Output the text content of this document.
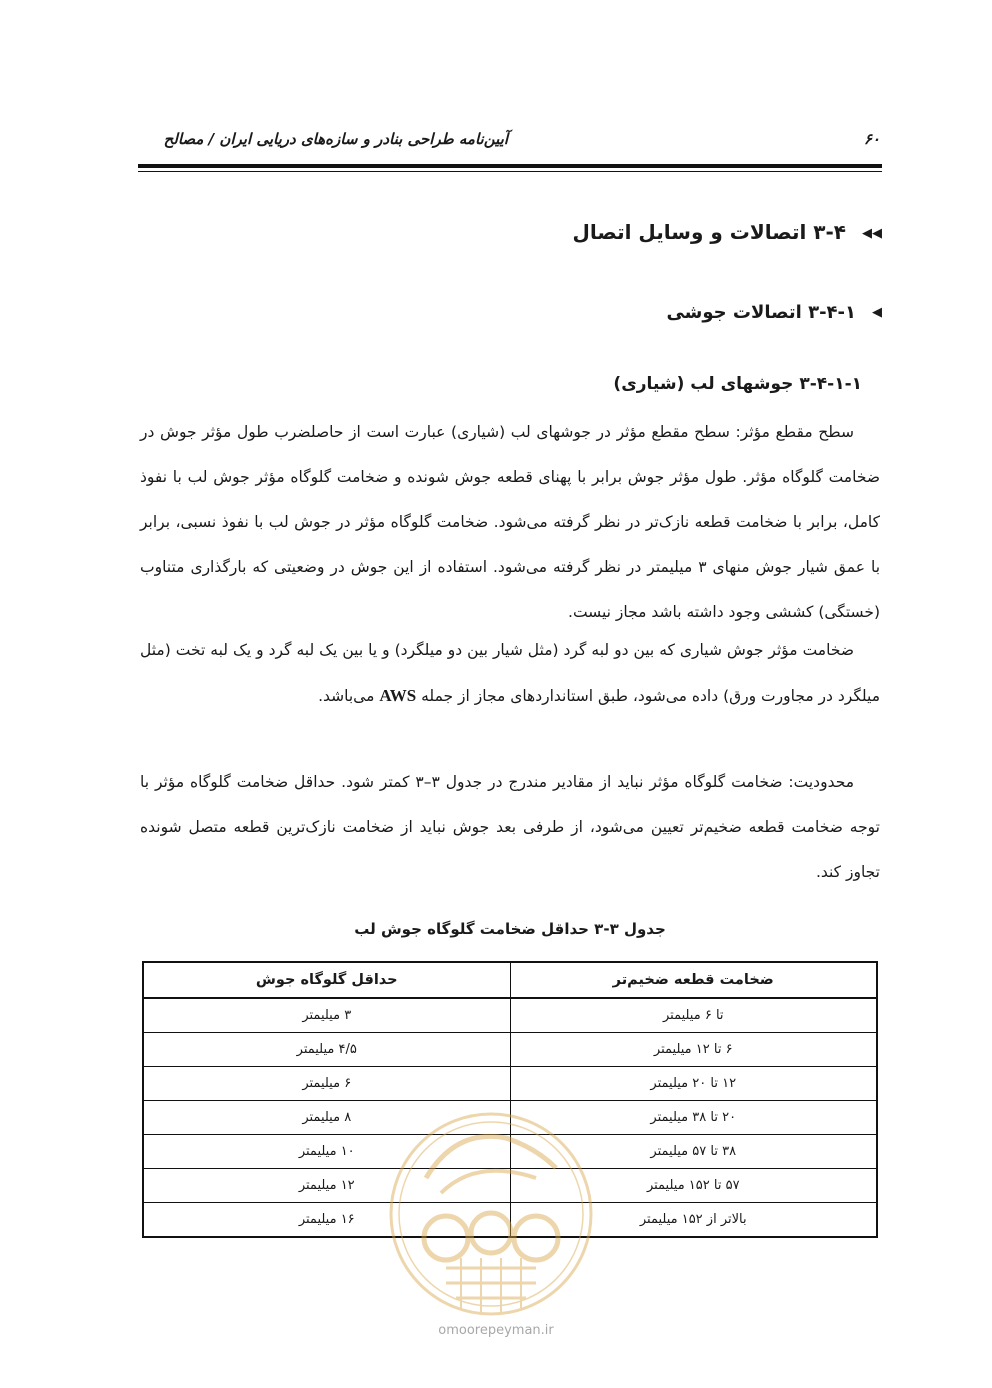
آیین‌نامه طراحی بنادر و سازه‌های دریایی ایران / مصالح	۶۰
◀◀۳-۴ اتصالات و وسایل اتصال
◀۳-۴-۱ اتصالات جوشی
۳-۴-۱-۱ جوشهای لب (شیاری)
سطح مقطع مؤثر: سطح مقطع مؤثر در جوشهای لب (شیاری) عبارت است از حاصلضرب طول مؤثر جوش در ضخامت گلوگاه مؤثر. طول مؤثر جوش برابر با پهنای قطعه جوش شونده و ضخامت گلوگاه مؤثر جوش لب با نفوذ کامل، برابر با ضخامت قطعه نازک‌تر در نظر گرفته می‌شود. ضخامت گلوگاه مؤثر در جوش لب با نفوذ نسبی، برابر با عمق شیار جوش منهای ۳ میلیمتر در نظر گرفته می‌شود. استفاده از این جوش در وضعیتی که بارگذاری متناوب (خستگی) کششی وجود داشته باشد مجاز نیست.
ضخامت مؤثر جوش شیاری که بین دو لبه گرد (مثل شیار بین دو میلگرد) و یا بین یک لبه گرد و یک لبه تخت (مثل میلگرد در مجاورت ورق) داده می‌شود، طبق استانداردهای مجاز از جمله AWS می‌باشد.
محدودیت: ضخامت گلوگاه مؤثر نباید از مقادیر مندرج در جدول ۳–۳ کمتر شود. حداقل ضخامت گلوگاه مؤثر با توجه ضخامت قطعه ضخیم‌تر تعیین می‌شود، از طرفی بعد جوش نباید از ضخامت نازک‌ترین قطعه متصل شونده تجاوز کند.
جدول ۳-۳ حداقل ضخامت گلوگاه جوش لب
ضخامت قطعه ضخیم‌تر	حداقل گلوگاه جوش
تا ۶ میلیمتر	۳ میلیمتر
۶ تا ۱۲ میلیمتر	۴/۵ میلیمتر
۱۲ تا ۲۰ میلیمتر	۶ میلیمتر
۲۰ تا ۳۸ میلیمتر	۸ میلیمتر
۳۸ تا ۵۷ میلیمتر	۱۰ میلیمتر
۵۷ تا ۱۵۲ میلیمتر	۱۲ میلیمتر
بالاتر از ۱۵۲ میلیمتر	۱۶ میلیمتر
omoorepeyman.ir
